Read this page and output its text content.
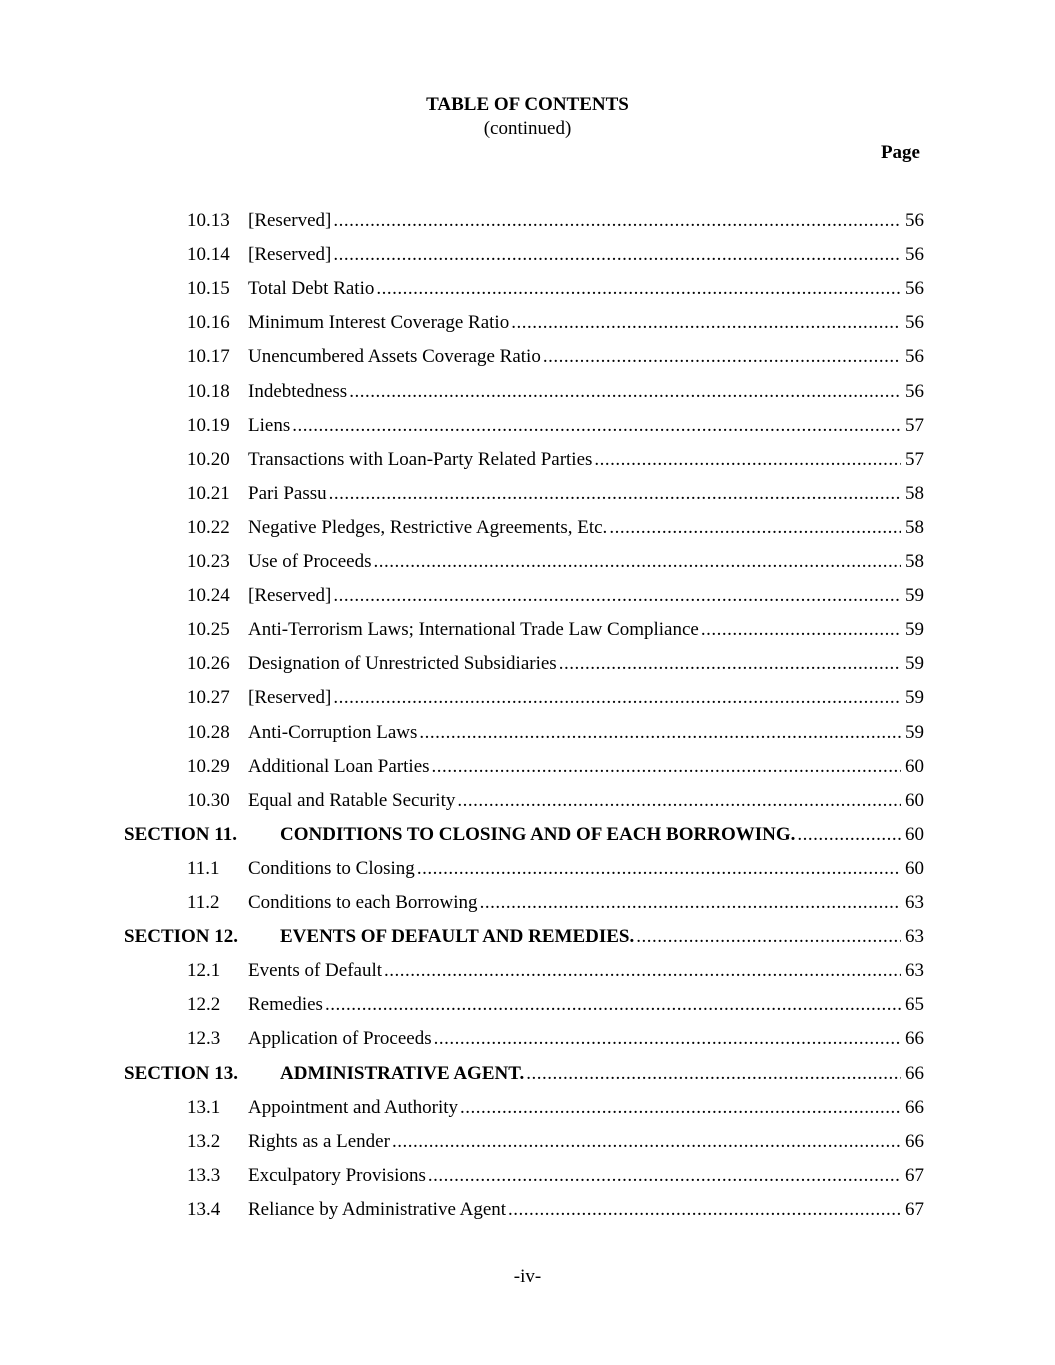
TABLE OF CONTENTS
(continued)
Page
10.13 [Reserved] .....	56
10.14 [Reserved] .....	56
10.15 Total Debt Ratio .....	56
10.16 Minimum Interest Coverage Ratio .....	56
10.17 Unencumbered Assets Coverage Ratio .....	56
10.18 Indebtedness .....	56
10.19 Liens .....	57
10.20 Transactions with Loan-Party Related Parties .....	57
10.21 Pari Passu .....	58
10.22 Negative Pledges, Restrictive Agreements, Etc. .....	58
10.23 Use of Proceeds .....	58
10.24 [Reserved] .....	59
10.25 Anti-Terrorism Laws; International Trade Law Compliance .....	59
10.26 Designation of Unrestricted Subsidiaries .....	59
10.27 [Reserved] .....	59
10.28 Anti-Corruption Laws .....	59
10.29 Additional Loan Parties .....	60
10.30 Equal and Ratable Security .....	60
SECTION 11.	CONDITIONS TO CLOSING AND OF EACH BORROWING. .....	60
11.1	Conditions to Closing .....	60
11.2	Conditions to each Borrowing .....	63
SECTION 12.	EVENTS OF DEFAULT AND REMEDIES. .....	63
12.1	Events of Default .....	63
12.2	Remedies .....	65
12.3	Application of Proceeds .....	66
SECTION 13.	ADMINISTRATIVE AGENT. .....	66
13.1	Appointment and Authority .....	66
13.2	Rights as a Lender .....	66
13.3	Exculpatory Provisions .....	67
13.4	Reliance by Administrative Agent .....	67
-iv-
